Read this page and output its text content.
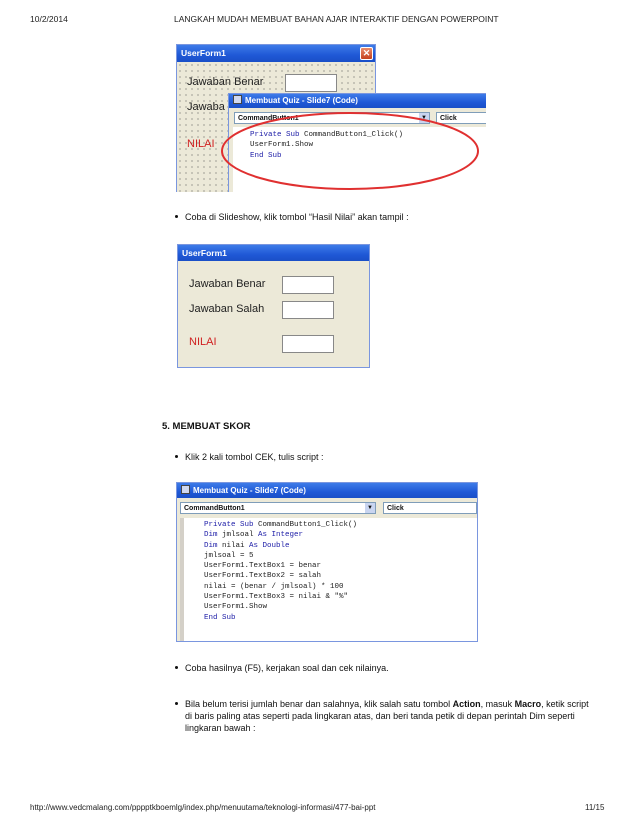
10/2/2014	LANGKAH MUDAH MEMBUAT BAHAN AJAR INTERAKTIF DENGAN POWERPOINT
UserForm1	✕
Jawaban Benar
Jawaba
NILAI
Membuat Quiz - Slide7 (Code)
CommandButton1	▼	Click
Private Sub CommandButton1_Click()
UserForm1.Show
End Sub
Coba di Slideshow, klik tombol “Hasil Nilai” akan tampil :
UserForm1
Jawaban Benar
Jawaban Salah
NILAI
5. MEMBUAT SKOR
Klik 2 kali tombol CEK, tulis script :
Membuat Quiz - Slide7 (Code)
CommandButton1	▼	Click
Private Sub CommandButton1_Click()
Dim jmlsoal As Integer
Dim nilai As Double
jmlsoal = 5
UserForm1.TextBox1 = benar
UserForm1.TextBox2 = salah
nilai = (benar / jmlsoal) * 100
UserForm1.TextBox3 = nilai & "%"
UserForm1.Show
End Sub
Coba hasilnya (F5), kerjakan soal dan cek nilainya.
Bila belum terisi jumlah benar dan salahnya, klik salah satu tombol Action, masuk Macro, ketik script di baris paling atas seperti pada lingkaran atas, dan beri tanda petik di depan perintah Dim seperti lingkaran bawah :
http://www.vedcmalang.com/pppptkboemlg/index.php/menuutama/teknologi-informasi/477-bai-ppt	11/15
